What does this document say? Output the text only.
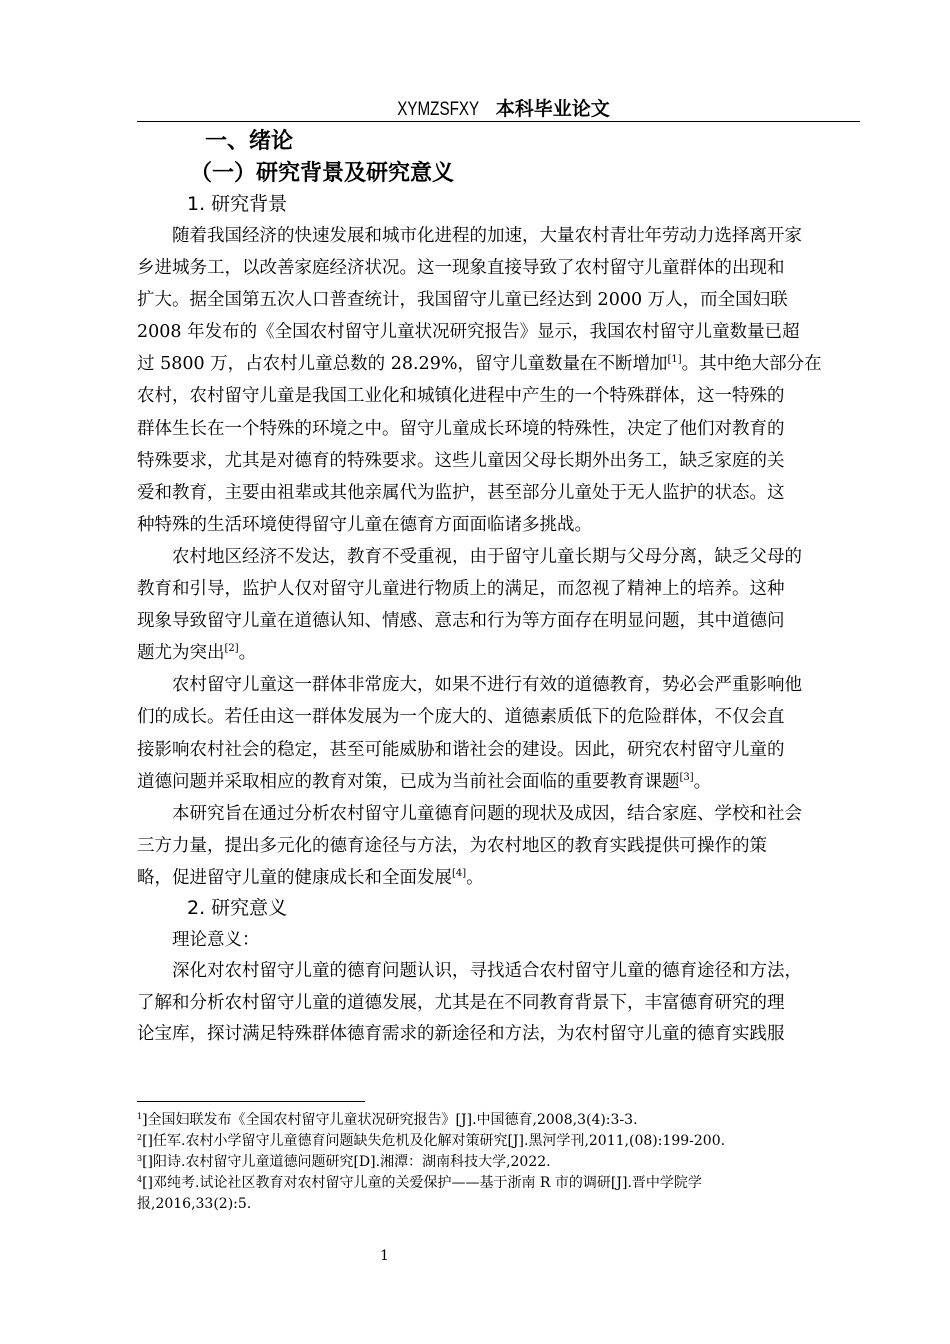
XYMZSFXY 本科毕业论文
一、绪论
（一）研究背景及研究意义
1. 研究背景
随着我国经济的快速发展和城市化进程的加速，大量农村青壮年劳动力选择离开家
乡进城务工，以改善家庭经济状况。这一现象直接导致了农村留守儿童群体的出现和
扩大。据全国第五次人口普查统计，我国留守儿童已经达到 2000 万人，而全国妇联
2008 年发布的《全国农村留守儿童状况研究报告》显示，我国农村留守儿童数量已超
过 5800 万，占农村儿童总数的 28.29%，留守儿童数量在不断增加[1]。其中绝大部分在
农村，农村留守儿童是我国工业化和城镇化进程中产生的一个特殊群体，这一特殊的
群体生长在一个特殊的环境之中。留守儿童成长环境的特殊性，决定了他们对教育的
特殊要求，尤其是对德育的特殊要求。这些儿童因父母长期外出务工，缺乏家庭的关
爱和教育，主要由祖辈或其他亲属代为监护，甚至部分儿童处于无人监护的状态。这
种特殊的生活环境使得留守儿童在德育方面面临诸多挑战。
农村地区经济不发达，教育不受重视，由于留守儿童长期与父母分离，缺乏父母的
教育和引导，监护人仅对留守儿童进行物质上的满足，而忽视了精神上的培养。这种
现象导致留守儿童在道德认知、情感、意志和行为等方面存在明显问题，其中道德问
题尤为突出[2]。
农村留守儿童这一群体非常庞大，如果不进行有效的道德教育，势必会严重影响他
们的成长。若任由这一群体发展为一个庞大的、道德素质低下的危险群体，不仅会直
接影响农村社会的稳定，甚至可能威胁和谐社会的建设。因此，研究农村留守儿童的
道德问题并采取相应的教育对策，已成为当前社会面临的重要教育课题[3]。
本研究旨在通过分析农村留守儿童德育问题的现状及成因，结合家庭、学校和社会
三方力量，提出多元化的德育途径与方法，为农村地区的教育实践提供可操作的策
略，促进留守儿童的健康成长和全面发展[4]。
2. 研究意义
理论意义：
深化对农村留守儿童的德育问题认识，寻找适合农村留守儿童的德育途径和方法，
了解和分析农村留守儿童的道德发展，尤其是在不同教育背景下，丰富德育研究的理
论宝库，探讨满足特殊群体德育需求的新途径和方法，为农村留守儿童的德育实践服
$^1$]全国妇联发布《全国农村留守儿童状况研究报告》[J].中国德育,2008,3(4):3-3.
$^2$[]任军.农村小学留守儿童德育问题缺失危机及化解对策研究[J].黑河学刊,2011,(08):199-200.
$^3$[]阳诗.农村留守儿童道德问题研究[D].湘潭：湖南科技大学,2022.
$^4$[]邓纯考.试论社区教育对农村留守儿童的关爱保护——基于浙南 R 市的调研[J].晋中学院学
报,2016,33(2):5.
1
